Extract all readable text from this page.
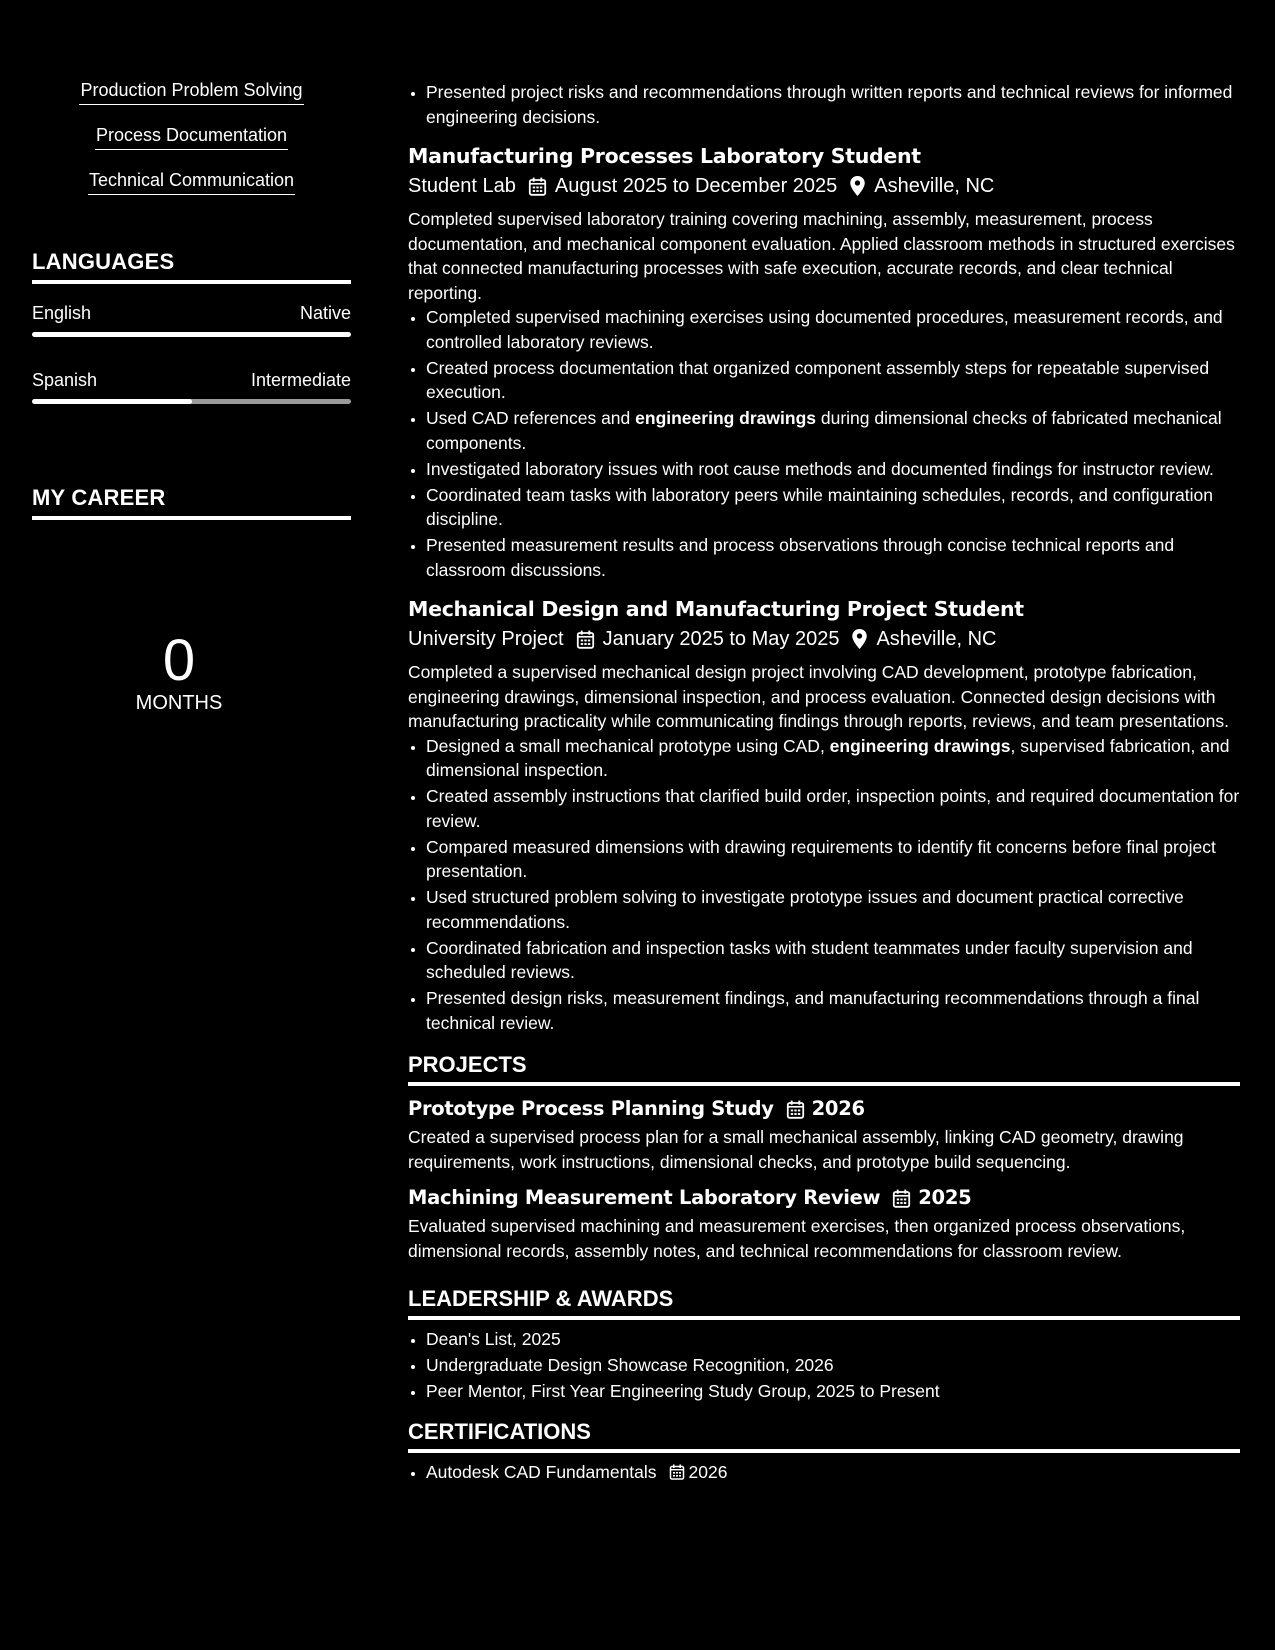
Production Problem Solving
Process Documentation
Technical Communication
LANGUAGES
English	Native
Spanish	Intermediate
MY CAREER
0
MONTHS
• Presented project risks and recommendations through written reports and technical reviews for informed engineering decisions.
Manufacturing Processes Laboratory Student
Student Lab August 2025 to December 2025 Asheville, NC
Completed supervised laboratory training covering machining, assembly, measurement, process documentation, and mechanical component evaluation. Applied classroom methods in structured exercises that connected manufacturing processes with safe execution, accurate records, and clear technical reporting.
• Completed supervised machining exercises using documented procedures, measurement records, and controlled laboratory reviews.
• Created process documentation that organized component assembly steps for repeatable supervised execution.
• Used CAD references and engineering drawings during dimensional checks of fabricated mechanical components.
• Investigated laboratory issues with root cause methods and documented findings for instructor review.
• Coordinated team tasks with laboratory peers while maintaining schedules, records, and configuration discipline.
• Presented measurement results and process observations through concise technical reports and classroom discussions.
Mechanical Design and Manufacturing Project Student
University Project January 2025 to May 2025 Asheville, NC
Completed a supervised mechanical design project involving CAD development, prototype fabrication, engineering drawings, dimensional inspection, and process evaluation. Connected design decisions with manufacturing practicality while communicating findings through reports, reviews, and team presentations.
• Designed a small mechanical prototype using CAD, engineering drawings, supervised fabrication, and dimensional inspection.
• Created assembly instructions that clarified build order, inspection points, and required documentation for review.
• Compared measured dimensions with drawing requirements to identify fit concerns before final project presentation.
• Used structured problem solving to investigate prototype issues and document practical corrective recommendations.
• Coordinated fabrication and inspection tasks with student teammates under faculty supervision and scheduled reviews.
• Presented design risks, measurement findings, and manufacturing recommendations through a final technical review.
PROJECTS
Prototype Process Planning Study 2026
Created a supervised process plan for a small mechanical assembly, linking CAD geometry, drawing requirements, work instructions, dimensional checks, and prototype build sequencing.
Machining Measurement Laboratory Review 2025
Evaluated supervised machining and measurement exercises, then organized process observations, dimensional records, assembly notes, and technical recommendations for classroom review.
LEADERSHIP & AWARDS
• Dean's List, 2025
• Undergraduate Design Showcase Recognition, 2026
• Peer Mentor, First Year Engineering Study Group, 2025 to Present
CERTIFICATIONS
• Autodesk CAD Fundamentals 2026
